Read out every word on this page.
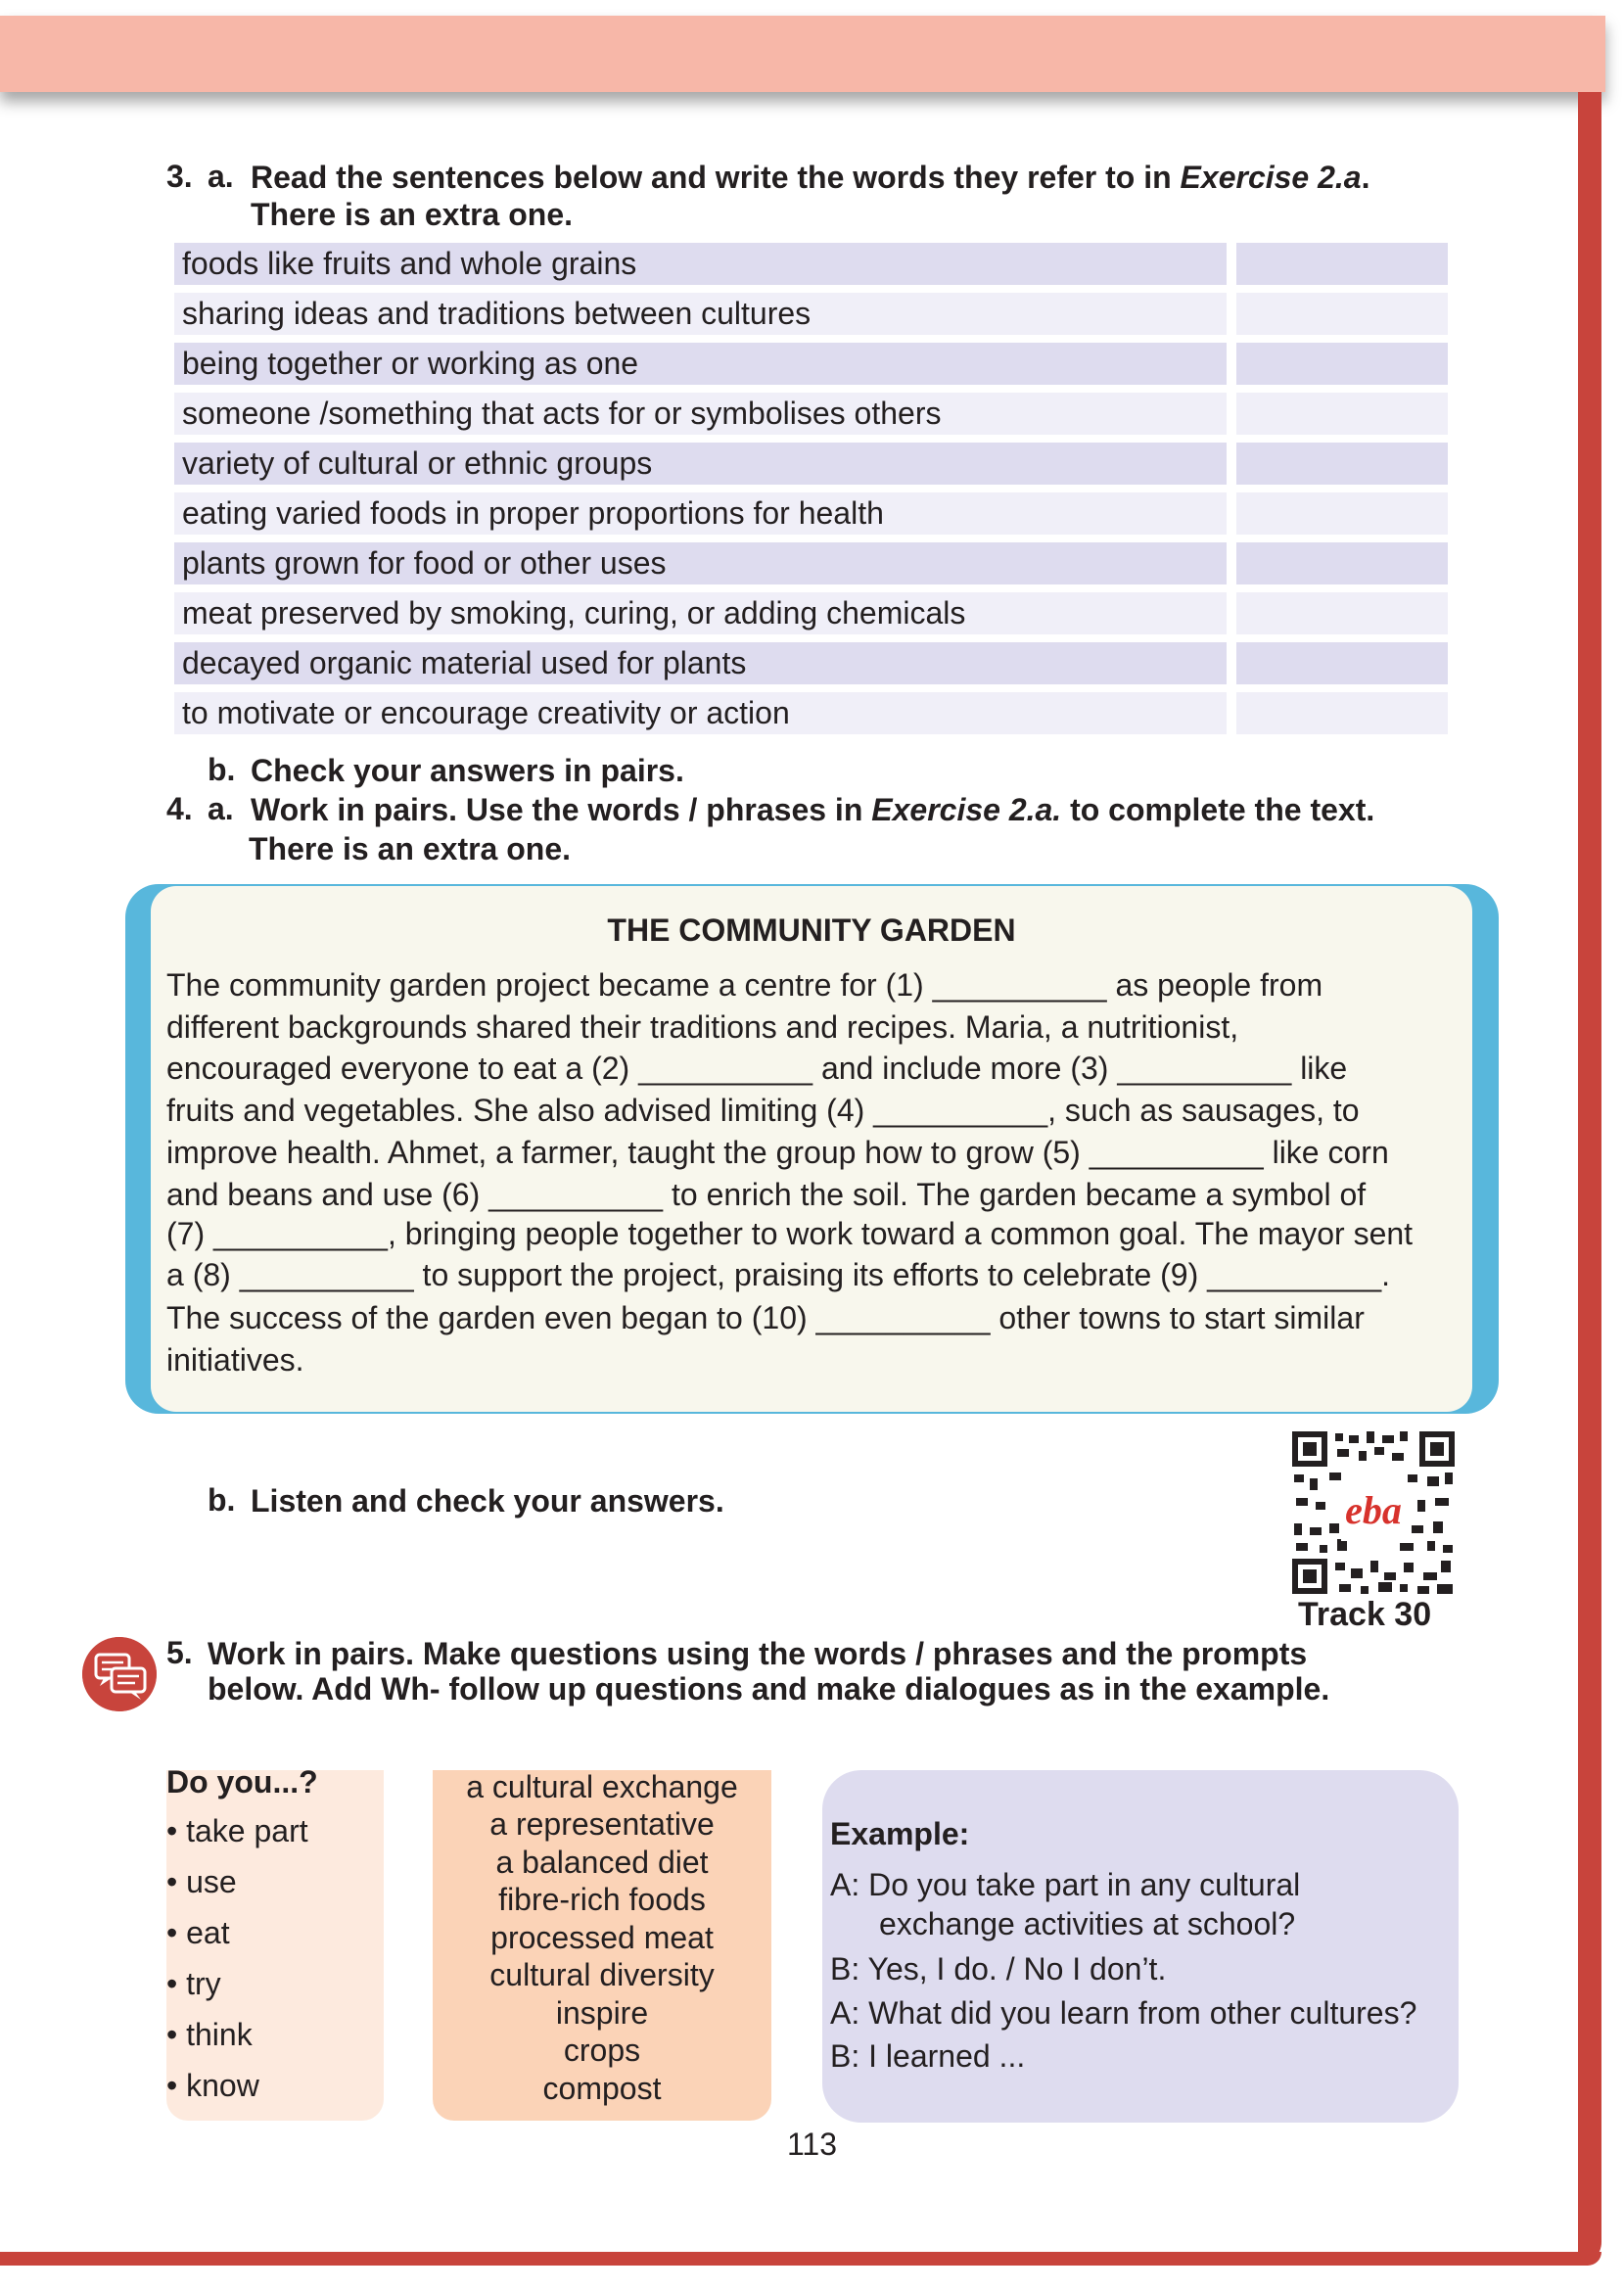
3. a. Read the sentences below and write the words they refer to in Exercise 2.a.
There is an extra one.
foods like fruits and whole grains
sharing ideas and traditions between cultures
being together or working as one
someone /something that acts for or symbolises others
variety of cultural or ethnic groups
eating varied foods in proper proportions for health
plants grown for food or other uses
meat preserved by smoking, curing, or adding chemicals
decayed organic material used for plants
to motivate or encourage creativity or action
b. Check your answers in pairs.
4. a. Work in pairs. Use the words / phrases in Exercise 2.a. to complete the text.
There is an extra one.
THE COMMUNITY GARDEN
The community garden project became a centre for (1) __________ as people from
different backgrounds shared their traditions and recipes. Maria, a nutritionist,
encouraged everyone to eat a (2) __________ and include more (3) __________ like
fruits and vegetables. She also advised limiting (4) __________, such as sausages, to
improve health. Ahmet, a farmer, taught the group how to grow (5) __________ like corn
and beans and use (6) __________ to enrich the soil. The garden became a symbol of
(7) __________, bringing people together to work toward a common goal. The mayor sent
a (8) __________ to support the project, praising its efforts to celebrate (9) __________.
The success of the garden even began to (10) __________ other towns to start similar
initiatives.
b. Listen and check your answers.	eba
Track 30
5. Work in pairs. Make questions using the words / phrases and the prompts
below. Add Wh- follow up questions and make dialogues as in the example.
Do you...?
• take part
• use
• eat
• try
• think
• know
a cultural exchange
a representative
a balanced diet
fibre-rich foods
processed meat
cultural diversity
inspire
crops
compost
Example:
A: Do you take part in any cultural
exchange activities at school?
B: Yes, I do. / No I don’t.
A: What did you learn from other cultures?
B: I learned ...
113
